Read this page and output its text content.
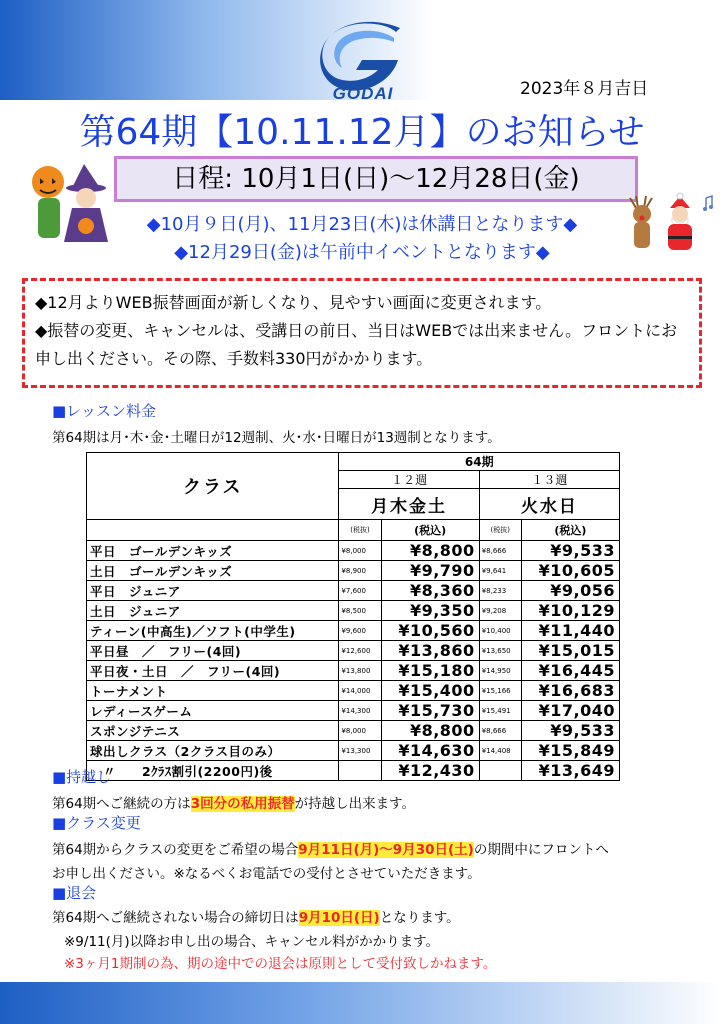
GODAI	2023年８月吉日
第64期【10.11.12月】のお知らせ
日程: 10月1日(日)～12月28日(金)
◆10月９日(月)、11月23日(木)は休講日となります◆
◆12月29日(金)は午前中イベントとなります◆

◆12月よりWEB振替画面が新しくなり、見やすい画面に変更されます。

◆振替の変更、キャンセルは、受講日の前日、当日はWEBでは出来ません。フロントにお申し出ください。その際、手数料330円がかかります。

■レッスン料金
第64期は月･木･金･土曜日が12週制、火･水･日曜日が13週制となります。
クラス	64期			
	１２週		１３週	
	月木金土		火水日	
	(税抜)	(税込)	(税抜)	(税込)
平日　ゴールデンキッズ	¥8,000	¥8,800	¥8,666	¥9,533
土日　ゴールデンキッズ	¥8,900	¥9,790	¥9,641	¥10,605
平日　ジュニア	¥7,600	¥8,360	¥8,233	¥9,056
土日　ジュニア	¥8,500	¥9,350	¥9,208	¥10,129
ティーン(中高生)／ソフト(中学生)	¥9,600	¥10,560	¥10,400	¥11,440
平日昼　／　フリー(4回)	¥12,600	¥13,860	¥13,650	¥15,015
平日夜・土日　／　フリー(4回)	¥13,800	¥15,180	¥14,950	¥16,445
トーナメント	¥14,000	¥15,400	¥15,166	¥16,683
レディースゲーム	¥14,300	¥15,730	¥15,491	¥17,040
スポンジテニス	¥8,000	¥8,800	¥8,666	¥9,533
球出しクラス（2クラス目のみ）	¥13,300	¥14,630	¥14,408	¥15,849
　〃　　2ｸﾗｽ割引(2200円)後		¥12,430		¥13,649
■持越し
第64期へご継続の方は3回分の私用振替が持越し出来ます。
■クラス変更
第64期からクラスの変更をご希望の場合9月11日(月)～9月30日(土)の期間中にフロントへ
お申し出ください。※なるべくお電話での受付とさせていただきます。
■退会
第64期へご継続されない場合の締切日は9月10日(日)となります。
※9/11(月)以降お申し出の場合、キャンセル料がかかります。
※3ヶ月1期制の為、期の途中での退会は原則として受付致しかねます。
